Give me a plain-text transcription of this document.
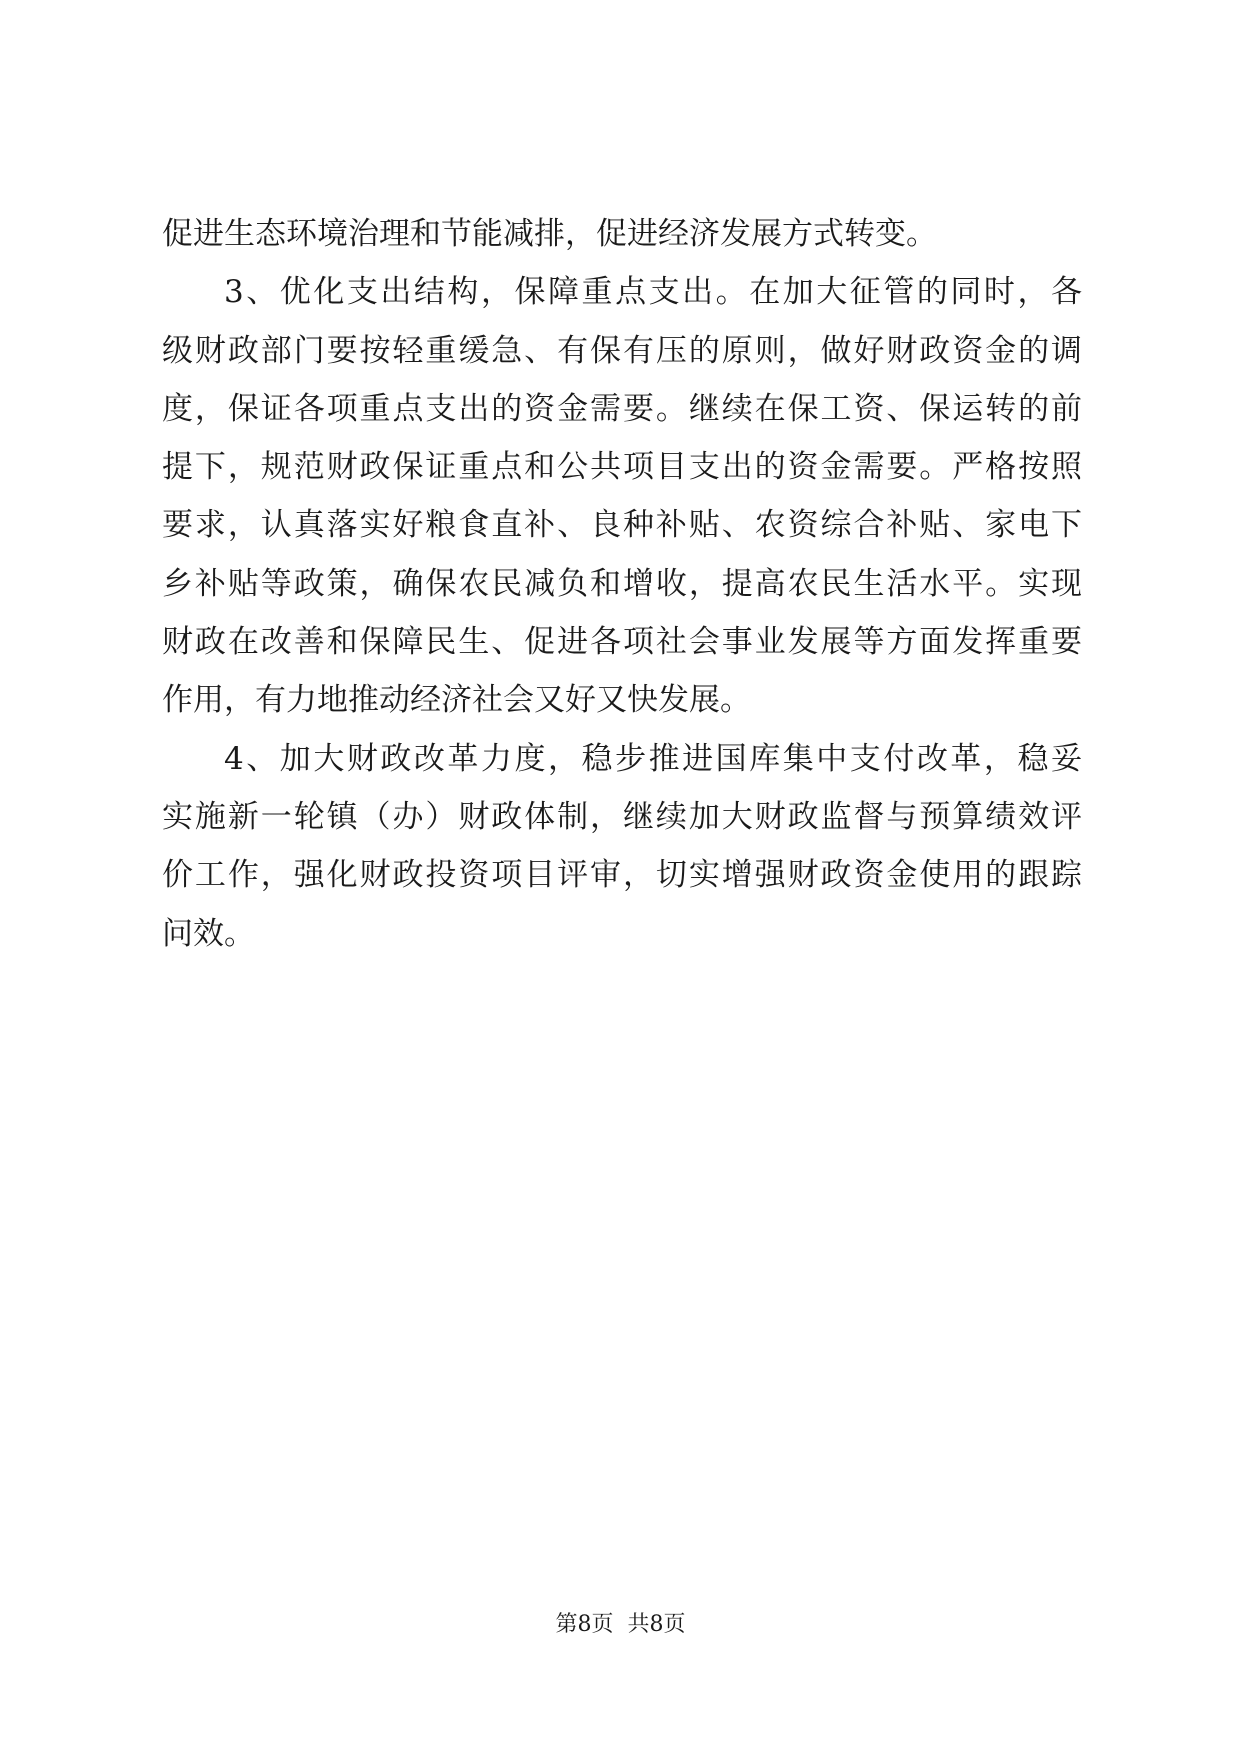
促进生态环境治理和节能减排，促进经济发展方式转变。

3、优化支出结构，保障重点支出。在加大征管的同时，各
级财政部门要按轻重缓急、有保有压的原则，做好财政资金的调
度，保证各项重点支出的资金需要。继续在保工资、保运转的前
提下，规范财政保证重点和公共项目支出的资金需要。严格按照
要求，认真落实好粮食直补、良种补贴、农资综合补贴、家电下
乡补贴等政策，确保农民减负和增收，提高农民生活水平。实现
财政在改善和保障民生、促进各项社会事业发展等方面发挥重要
作用，有力地推动经济社会又好又快发展。

4、加大财政改革力度，稳步推进国库集中支付改革，稳妥
实施新一轮镇（办）财政体制，继续加大财政监督与预算绩效评
价工作，强化财政投资项目评审，切实增强财政资金使用的跟踪
问效。

第8页  共8页
